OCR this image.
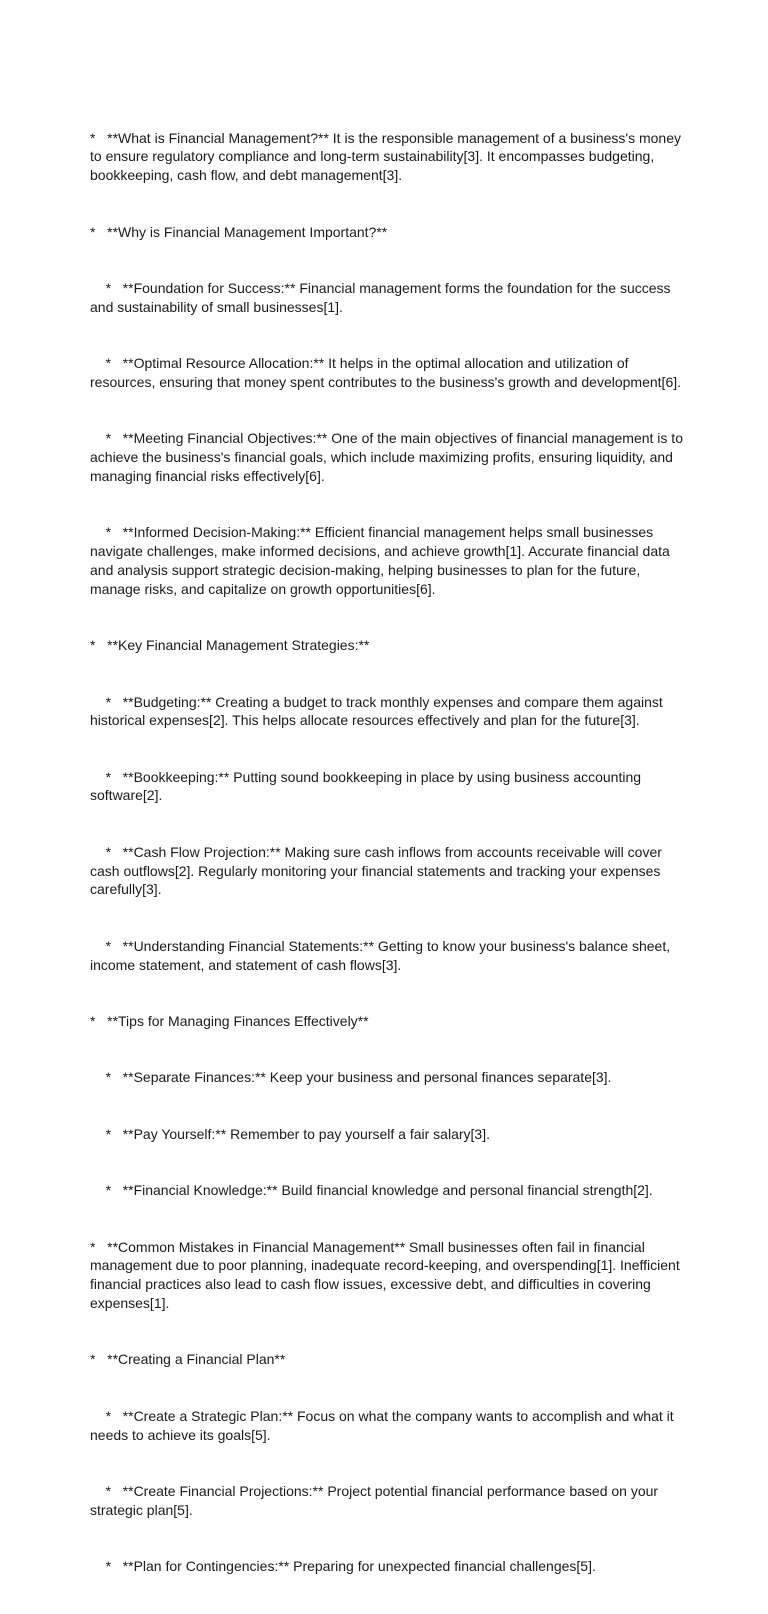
*   **What is Financial Management?** It is the responsible management of a business's money to ensure regulatory compliance and long-term sustainability[3]. It encompasses budgeting, bookkeeping, cash flow, and debt management[3].

*   **Why is Financial Management Important?**

*   **Foundation for Success:** Financial management forms the foundation for the success and sustainability of small businesses[1].

*   **Optimal Resource Allocation:** It helps in the optimal allocation and utilization of resources, ensuring that money spent contributes to the business's growth and development[6].

*   **Meeting Financial Objectives:** One of the main objectives of financial management is to achieve the business's financial goals, which include maximizing profits, ensuring liquidity, and managing financial risks effectively[6].

*   **Informed Decision-Making:** Efficient financial management helps small businesses navigate challenges, make informed decisions, and achieve growth[1]. Accurate financial data and analysis support strategic decision-making, helping businesses to plan for the future, manage risks, and capitalize on growth opportunities[6].

*   **Key Financial Management Strategies:**

*   **Budgeting:** Creating a budget to track monthly expenses and compare them against historical expenses[2]. This helps allocate resources effectively and plan for the future[3].

*   **Bookkeeping:** Putting sound bookkeeping in place by using business accounting software[2].

*   **Cash Flow Projection:** Making sure cash inflows from accounts receivable will cover cash outflows[2]. Regularly monitoring your financial statements and tracking your expenses carefully[3].

*   **Understanding Financial Statements:** Getting to know your business's balance sheet, income statement, and statement of cash flows[3].

*   **Tips for Managing Finances Effectively**

*   **Separate Finances:** Keep your business and personal finances separate[3].

*   **Pay Yourself:** Remember to pay yourself a fair salary[3].

*   **Financial Knowledge:** Build financial knowledge and personal financial strength[2].

*   **Common Mistakes in Financial Management** Small businesses often fail in financial management due to poor planning, inadequate record-keeping, and overspending[1]. Inefficient financial practices also lead to cash flow issues, excessive debt, and difficulties in covering expenses[1].

*   **Creating a Financial Plan**

*   **Create a Strategic Plan:** Focus on what the company wants to accomplish and what it needs to achieve its goals[5].

*   **Create Financial Projections:** Project potential financial performance based on your strategic plan[5].

*   **Plan for Contingencies:** Preparing for unexpected financial challenges[5].
